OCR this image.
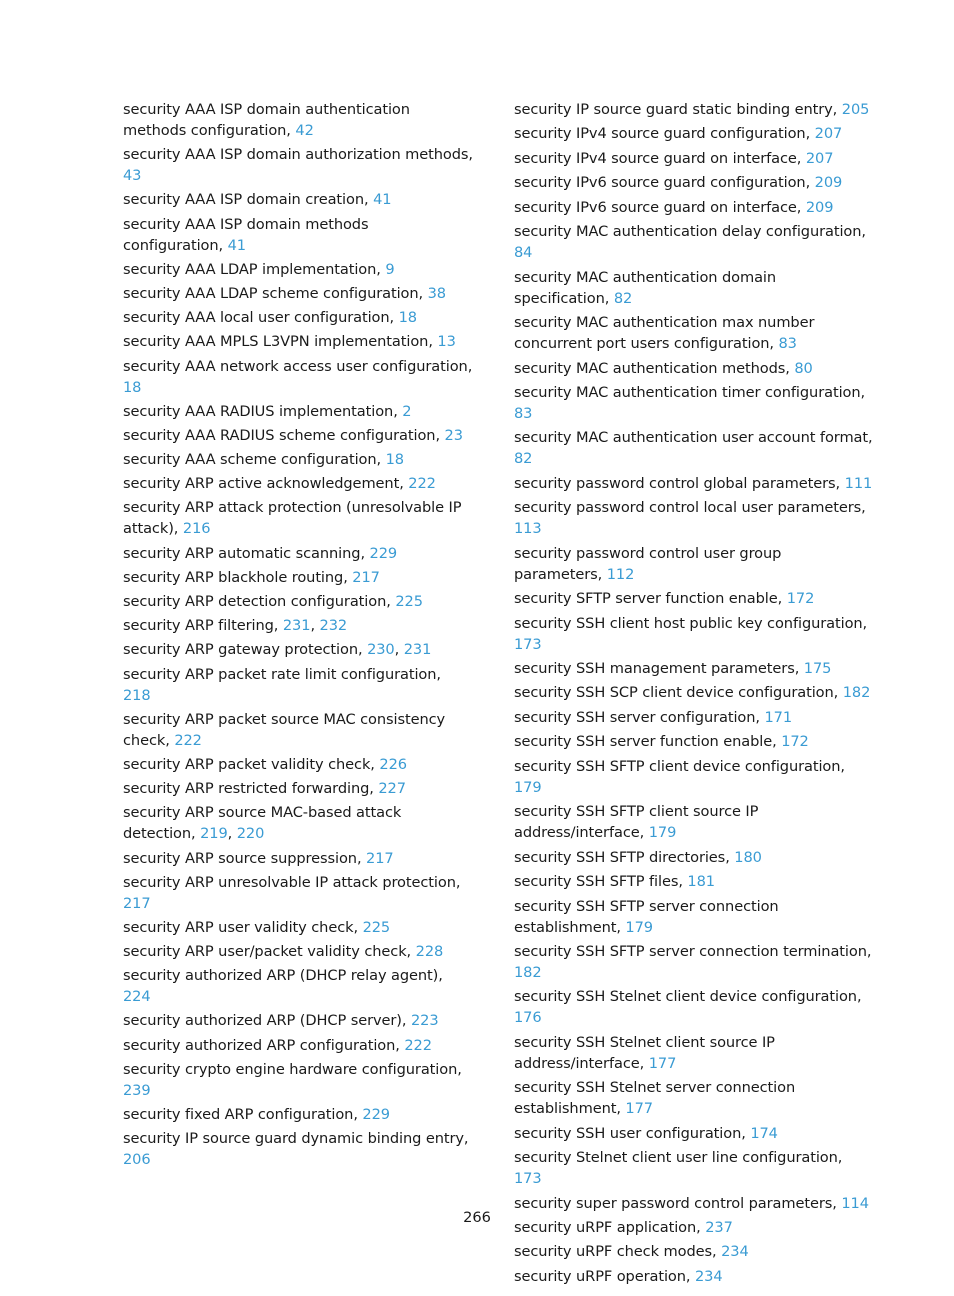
security AAA ISP domain authentication methods configuration, 42
security AAA ISP domain authorization methods, 43
security AAA ISP domain creation, 41
security AAA ISP domain methods configuration, 41
security AAA LDAP implementation, 9
security AAA LDAP scheme configuration, 38
security AAA local user configuration, 18
security AAA MPLS L3VPN implementation, 13
security AAA network access user configuration, 18
security AAA RADIUS implementation, 2
security AAA RADIUS scheme configuration, 23
security AAA scheme configuration, 18
security ARP active acknowledgement, 222
security ARP attack protection (unresolvable IP attack), 216
security ARP automatic scanning, 229
security ARP blackhole routing, 217
security ARP detection configuration, 225
security ARP filtering, 231, 232
security ARP gateway protection, 230, 231
security ARP packet rate limit configuration, 218
security ARP packet source MAC consistency check, 222
security ARP packet validity check, 226
security ARP restricted forwarding, 227
security ARP source MAC-based attack detection, 219, 220
security ARP source suppression, 217
security ARP unresolvable IP attack protection, 217
security ARP user validity check, 225
security ARP user/packet validity check, 228
security authorized ARP (DHCP relay agent), 224
security authorized ARP (DHCP server), 223
security authorized ARP configuration, 222
security crypto engine hardware configuration, 239
security fixed ARP configuration, 229
security IP source guard dynamic binding entry, 206
security IP source guard static binding entry, 205
security IPv4 source guard configuration, 207
security IPv4 source guard on interface, 207
security IPv6 source guard configuration, 209
security IPv6 source guard on interface, 209
security MAC authentication delay configuration, 84
security MAC authentication domain specification, 82
security MAC authentication max number concurrent port users configuration, 83
security MAC authentication methods, 80
security MAC authentication timer configuration, 83
security MAC authentication user account format, 82
security password control global parameters, 111
security password control local user parameters, 113
security password control user group parameters, 112
security SFTP server function enable, 172
security SSH client host public key configuration, 173
security SSH management parameters, 175
security SSH SCP client device configuration, 182
security SSH server configuration, 171
security SSH server function enable, 172
security SSH SFTP client device configuration, 179
security SSH SFTP client source IP address/interface, 179
security SSH SFTP directories, 180
security SSH SFTP files, 181
security SSH SFTP server connection establishment, 179
security SSH SFTP server connection termination, 182
security SSH Stelnet client device configuration, 176
security SSH Stelnet client source IP address/interface, 177
security SSH Stelnet server connection establishment, 177
security SSH user configuration, 174
security Stelnet client user line configuration, 173
security super password control parameters, 114
security uRPF application, 237
security uRPF check modes, 234
security uRPF operation, 234
266
